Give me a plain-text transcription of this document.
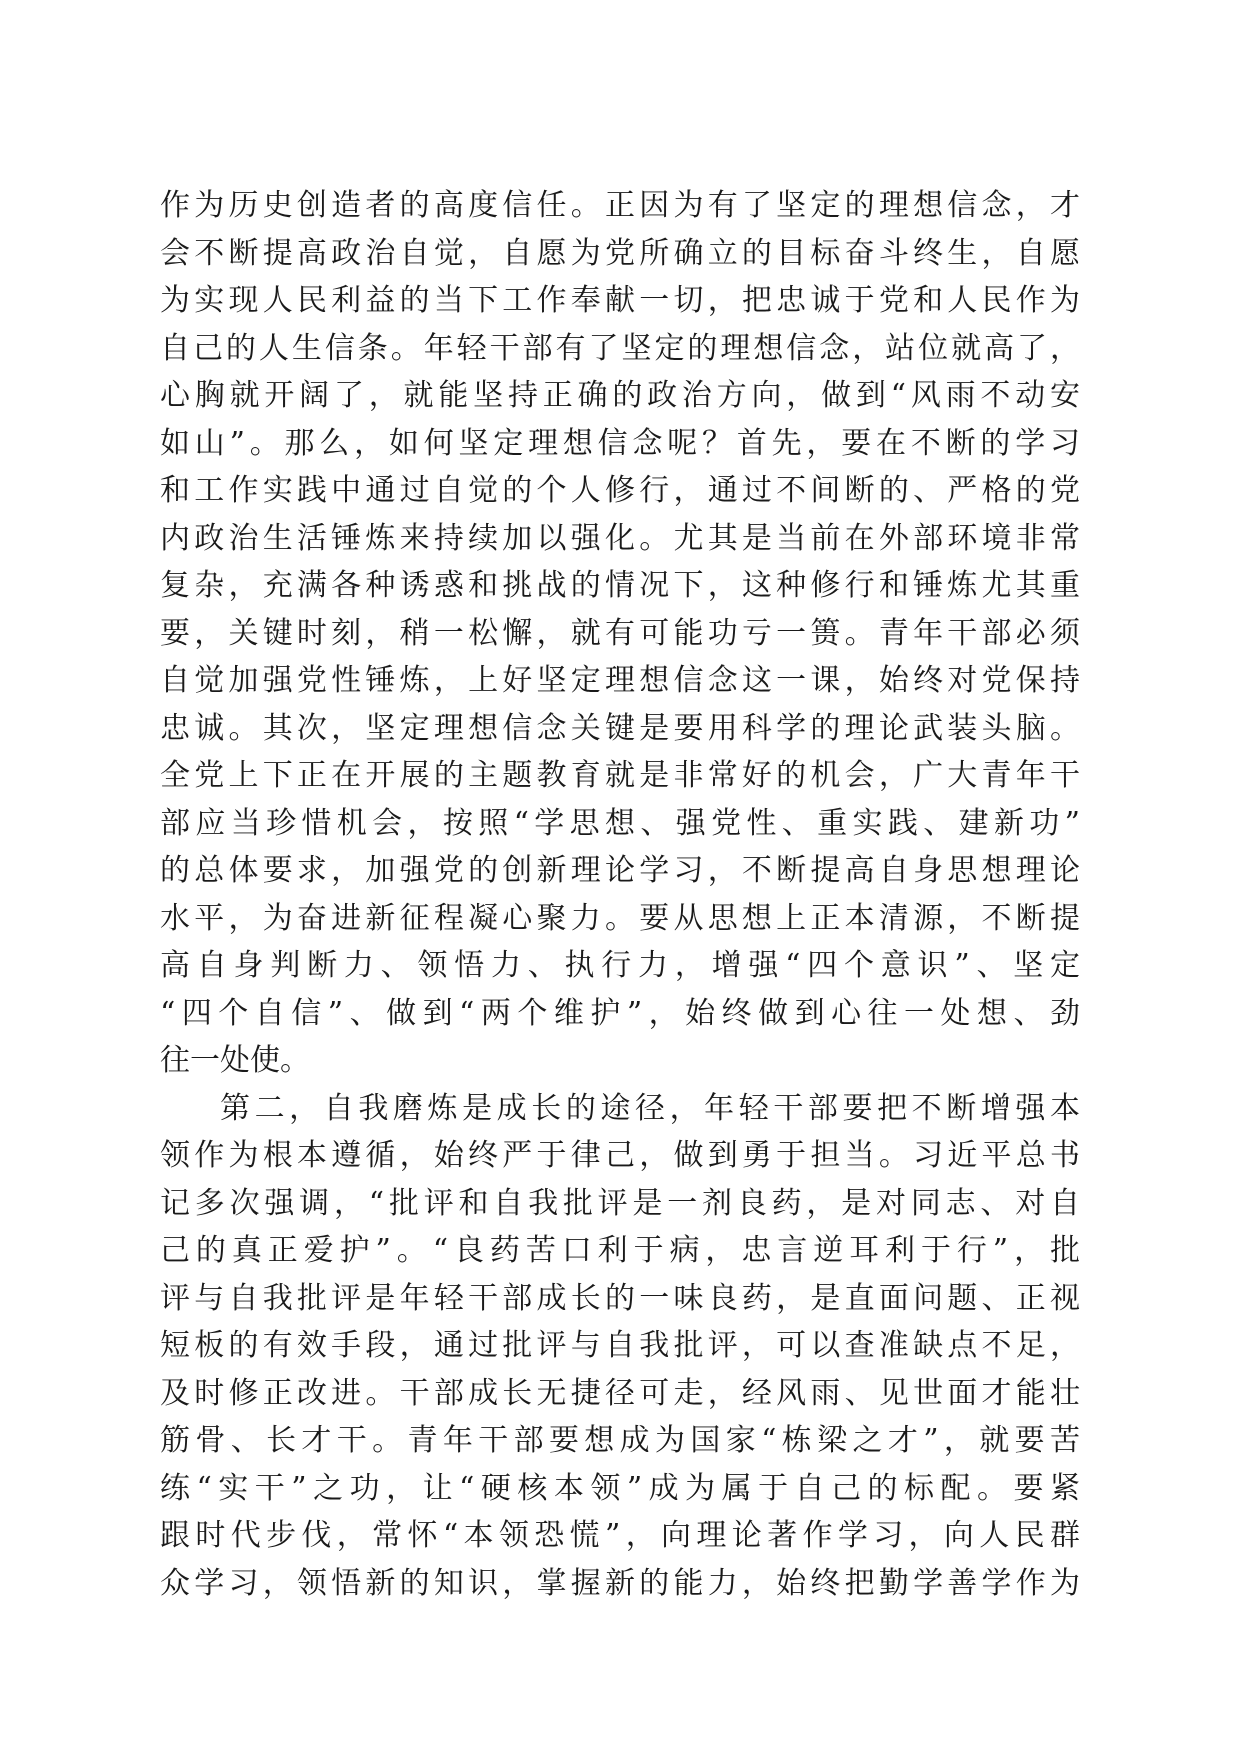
作为历史创造者的高度信任。正因为有了坚定的理想信念，才
会不断提高政治自觉，自愿为党所确立的目标奋斗终生，自愿
为实现人民利益的当下工作奉献一切，把忠诚于党和人民作为
自己的人生信条。年轻干部有了坚定的理想信念，站位就高了，
心胸就开阔了，就能坚持正确的政治方向，做到“风雨不动安
如山”。那么，如何坚定理想信念呢？首先，要在不断的学习
和工作实践中通过自觉的个人修行，通过不间断的、严格的党
内政治生活锤炼来持续加以强化。尤其是当前在外部环境非常
复杂，充满各种诱惑和挑战的情况下，这种修行和锤炼尤其重
要，关键时刻，稍一松懈，就有可能功亏一篑。青年干部必须
自觉加强党性锤炼，上好坚定理想信念这一课，始终对党保持
忠诚。其次，坚定理想信念关键是要用科学的理论武装头脑。
全党上下正在开展的主题教育就是非常好的机会，广大青年干
部应当珍惜机会，按照“学思想、强党性、重实践、建新功”
的总体要求，加强党的创新理论学习，不断提高自身思想理论
水平，为奋进新征程凝心聚力。要从思想上正本清源，不断提
高自身判断力、领悟力、执行力，增强“四个意识”、坚定
“四个自信”、做到“两个维护”，始终做到心往一处想、劲
往一处使。
第二，自我磨炼是成长的途径，年轻干部要把不断增强本
领作为根本遵循，始终严于律己，做到勇于担当。习近平总书
记多次强调，“批评和自我批评是一剂良药，是对同志、对自
己的真正爱护”。“良药苦口利于病，忠言逆耳利于行”，批
评与自我批评是年轻干部成长的一味良药，是直面问题、正视
短板的有效手段，通过批评与自我批评，可以查准缺点不足，
及时修正改进。干部成长无捷径可走，经风雨、见世面才能壮
筋骨、长才干。青年干部要想成为国家“栋梁之才”，就要苦
练“实干”之功，让“硬核本领”成为属于自己的标配。要紧
跟时代步伐，常怀“本领恐慌”，向理论著作学习，向人民群
众学习，领悟新的知识，掌握新的能力，始终把勤学善学作为
